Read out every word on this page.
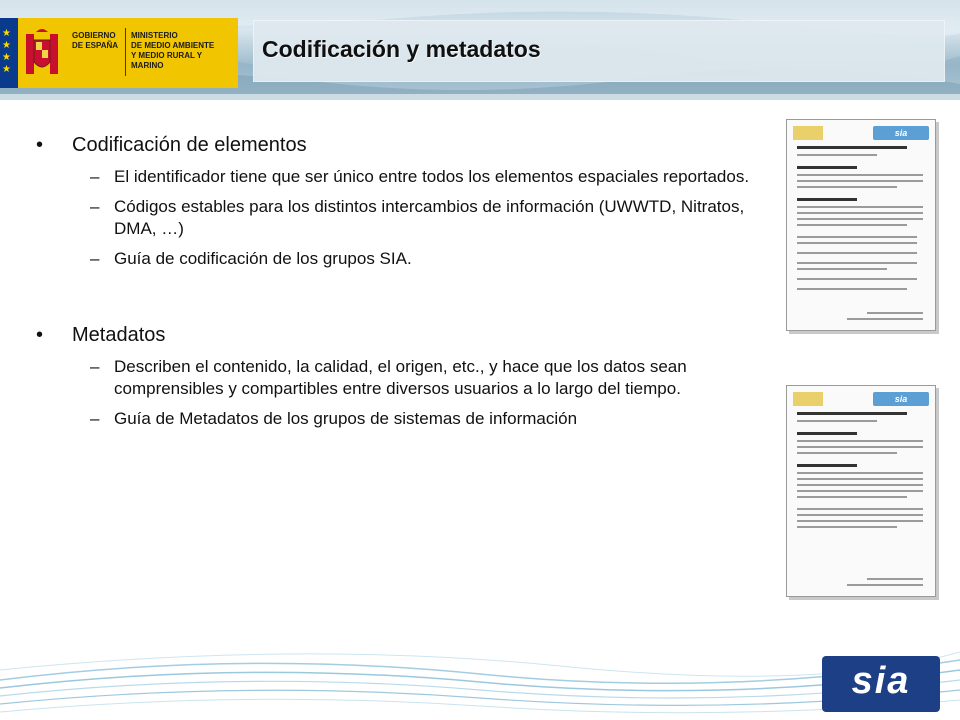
★
★
★
★
GOBIERNO
DE ESPAÑA
MINISTERIO
DE MEDIO AMBIENTE
Y MEDIO RURAL Y MARINO
Codificación y metadatos
• Codificación de elementos
– El identificador tiene que ser único entre todos los elementos espaciales reportados.
– Códigos estables para los distintos intercambios de información (UWWTD, Nitratos, DMA, …)
– Guía de codificación de los grupos SIA.
• Metadatos
– Describen el contenido, la calidad, el origen, etc., y hace que los datos sean comprensibles y compartibles entre diversos usuarios a lo largo del tiempo.
– Guía de Metadatos de los grupos de sistemas de información
sia
sia
sia
